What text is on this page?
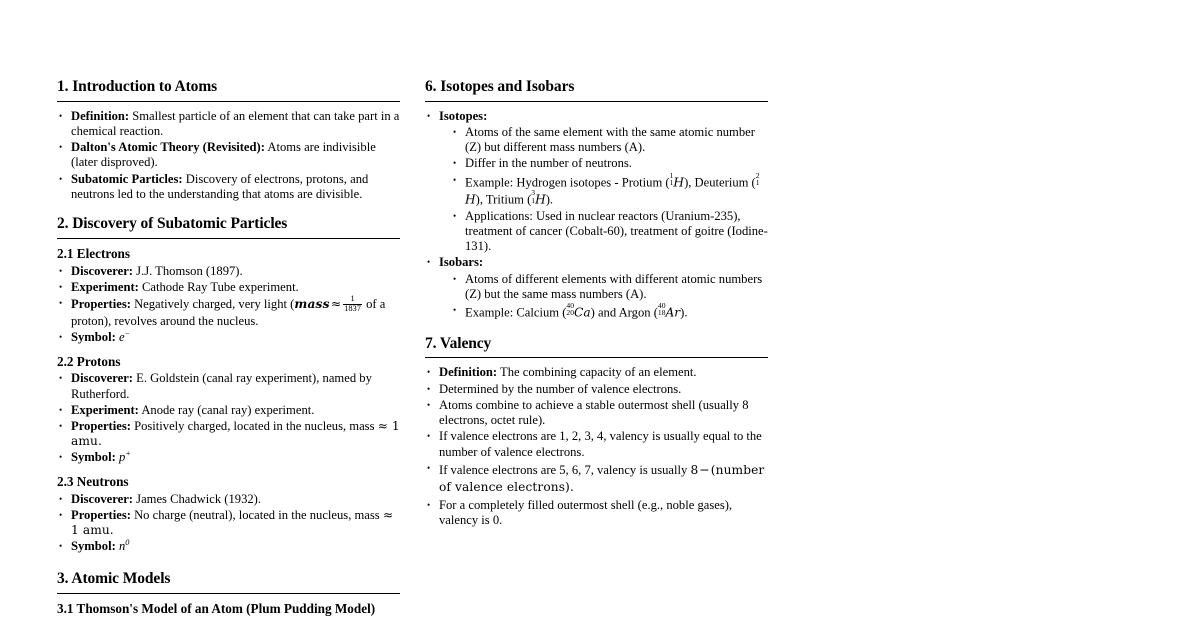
1. Introduction to Atoms
• Definition: Smallest particle of an element that can take part in a chemical reaction.
• Dalton's Atomic Theory (Revisited): Atoms are indivisible (later disproved).
• Subatomic Particles: Discovery of electrons, protons, and neutrons led to the understanding that atoms are divisible.
2. Discovery of Subatomic Particles
2.1 Electrons
• Discoverer: J.J. Thomson (1897).
• Experiment: Cathode Ray Tube experiment.
• Properties: Negatively charged, very light (mass≈ $\frac{1}{1837}$ of a proton), revolves around the nucleus.
• Symbol: e−
2.2 Protons
• Discoverer: E. Goldstein (canal ray experiment), named by Rutherford.
• Experiment: Anode ray (canal ray) experiment.
• Properties: Positively charged, located in the nucleus, mass ≈ 1 amu.
• Symbol: p+
2.3 Neutrons
• Discoverer: James Chadwick (1932).
• Properties: No charge (neutral), located in the nucleus, mass ≈ 1 amu.
• Symbol: $n^0$
3. Atomic Models
3.1 Thomson's Model of an Atom (Plum Pudding Model)
6. Isotopes and Isobars
• Isotopes:
• Atoms of the same element with the same atomic number (Z) but different mass numbers (A).
• Differ in the number of neutrons.
• Example: Hydrogen isotopes - Protium ( 1
1 H), Deuterium ( 2
1
H), Tritium ( 3
1 H).
• Applications: Used in nuclear reactors (Uranium-235), treatment of cancer (Cobalt-60), treatment of goitre (Iodine-131).
• Isobars:
• Atoms of different elements with different atomic numbers (Z) but the same mass numbers (A).
• Example: Calcium ( 40
20 Ca) and Argon ( 40
18 Ar).
7. Valency
• Definition: The combining capacity of an element.
• Determined by the number of valence electrons.
• Atoms combine to achieve a stable outermost shell (usually 8 electrons, octet rule).
• If valence electrons are 1, 2, 3, 4, valency is usually equal to the number of valence electrons.
• If valence electrons are 5, 6, 7, valency is usually 8−(number of valence electrons).
• For a completely filled outermost shell (e.g., noble gases), valency is 0.
